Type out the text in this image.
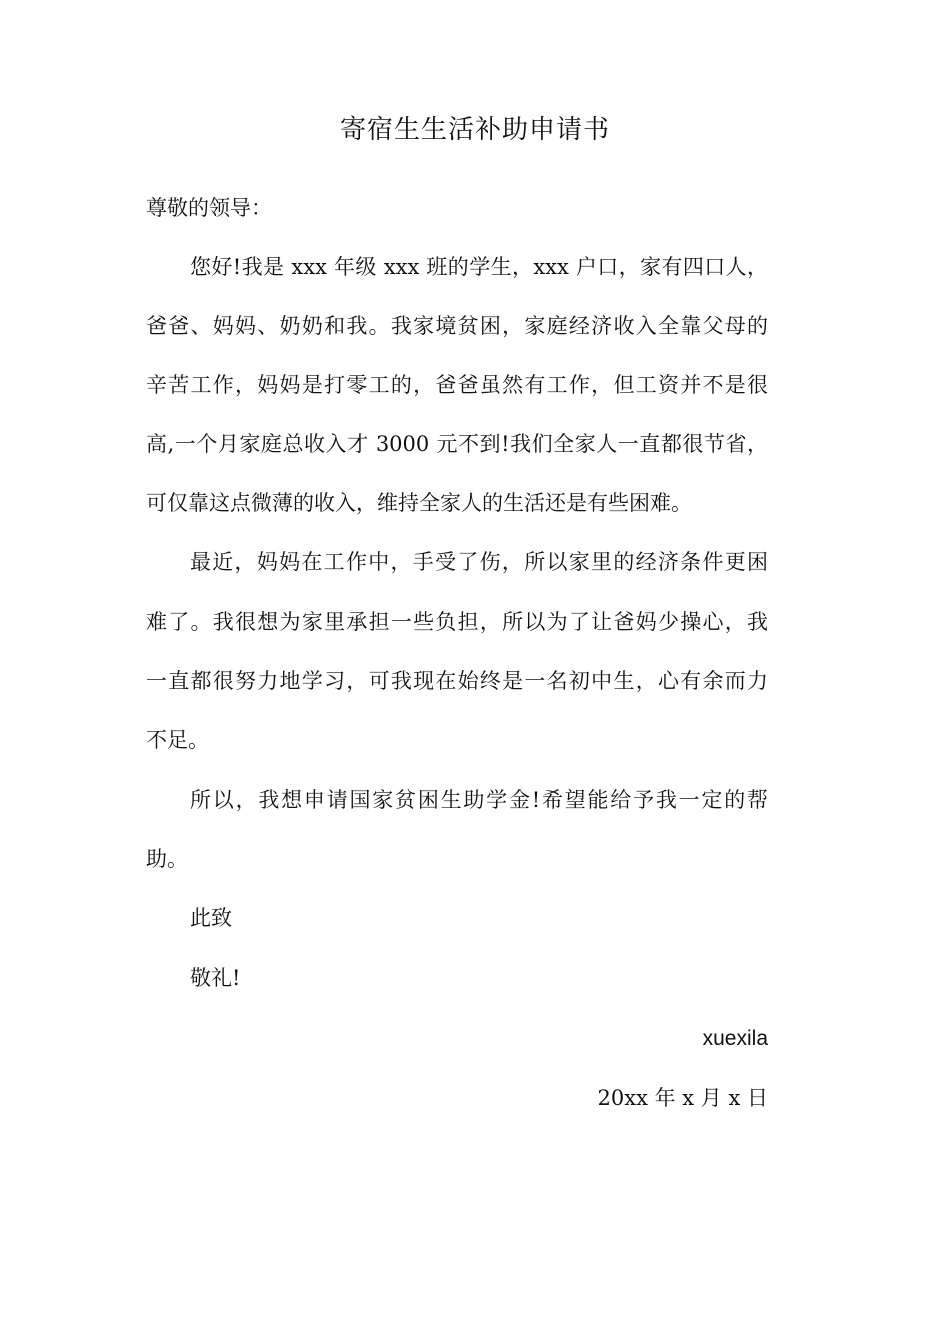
寄宿生生活补助申请书
尊敬的领导：
您好!我是 xxx 年级 xxx 班的学生，xxx 户口，家有四口人，
爸爸、妈妈、奶奶和我。我家境贫困，家庭经济收入全靠父母的
辛苦工作，妈妈是打零工的，爸爸虽然有工作，但工资并不是很
高,一个月家庭总收入才 3000 元不到!我们全家人一直都很节省，
可仅靠这点微薄的收入，维持全家人的生活还是有些困难。
最近，妈妈在工作中，手受了伤，所以家里的经济条件更困
难了。我很想为家里承担一些负担，所以为了让爸妈少操心，我
一直都很努力地学习，可我现在始终是一名初中生，心有余而力
不足。
所以，我想申请国家贫困生助学金!希望能给予我一定的帮
助。
此致
敬礼!
xuexila
20xx 年 x 月 x 日
